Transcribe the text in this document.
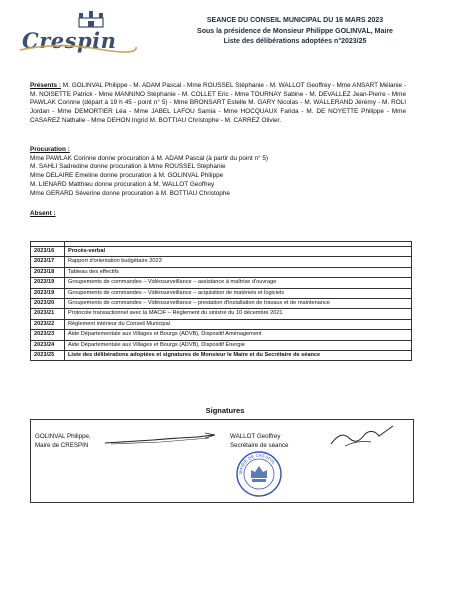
Crespin
SEANCE DU CONSEIL MUNICIPAL DU 16 MARS 2023
Sous la présidence de Monsieur Philippe GOLINVAL, Maire
Liste des délibérations adoptées n°2023/25
Présents : M. GOLINVAL Philippe - M. ADAM Pascal - Mme ROUSSEL Stéphanie - M. WALLOT Geoffrey - Mme ANSART Mélanie - M. NOISETTE Patrick - Mme MANNINO Stéphanie - M. COLLET Eric - Mme TOURNAY Sabine - M. DEVALLEZ Jean-Pierre - Mme PAWLAK Corinne (départ à 19 h 45 - point n° 5) - Mme BRONSART Estelle M. GARY Nicolas - M. WALLERAND Jérémy - M. ROLI Jordan - Mme DEMORTIER Léa - Mme JABEL LAFOU Samia - Mme HOCQUAUX Farida - M. DE NOYETTE Philippe - Mme CASAREZ Nathalie - Mme DEHON Ingrid M. BOTTIAU Christophe - M. CARREZ Olivier.
Procuration :
Mme PAWLAK Corinne donne procuration à M. ADAM Pascal (à partir du point n° 5)
M. SAHLI Sadredine donne procuration à Mme ROUSSEL Stéphanie
Mme DELAIRE Emeline donne procuration à M. GOLINVAL Philippe
M. LIENARD Matthieu donne procuration à M. WALLOT Geoffrey
Mme GERARD Séverine donne procuration à M. BOTTIAU Christophe
Absent :

2023/16	Procès-verbal
2023/17	Rapport d'orientation budgétaire 2023
2023/18	Tableau des effectifs
2023/19	Groupements de commandes – Vidéosurveillance – assistance à maîtrise d'ouvrage
2023/19	Groupements de commandes – Vidéosurveillance – acquisition de matériels et logiciels
2023/20	Groupements de commandes – Vidéosurveillance – prestation d'installation de travaux et de maintenance
2023/21	Protocole transactionnel avec la MACIF – Règlement du sinistre du 10 décembre 2021
2023/22	Règlement intérieur du Conseil Municipal
2023/23	Aide Départementale aux Villages et Bourgs (ADVB), Dispositif Aménagement
2023/24	Aide Départementale aux Villages et Bourgs (ADVB), Dispositif Énergie
2023/25	Liste des délibérations adoptées et signatures de Monsieur le Maire et du Secrétaire de séance
Signatures
GOLINVAL Philippe,
Maire de CRESPIN
WALLOT Geoffrey
Secrétaire de séance
MAIRIE DE CRESPIN
